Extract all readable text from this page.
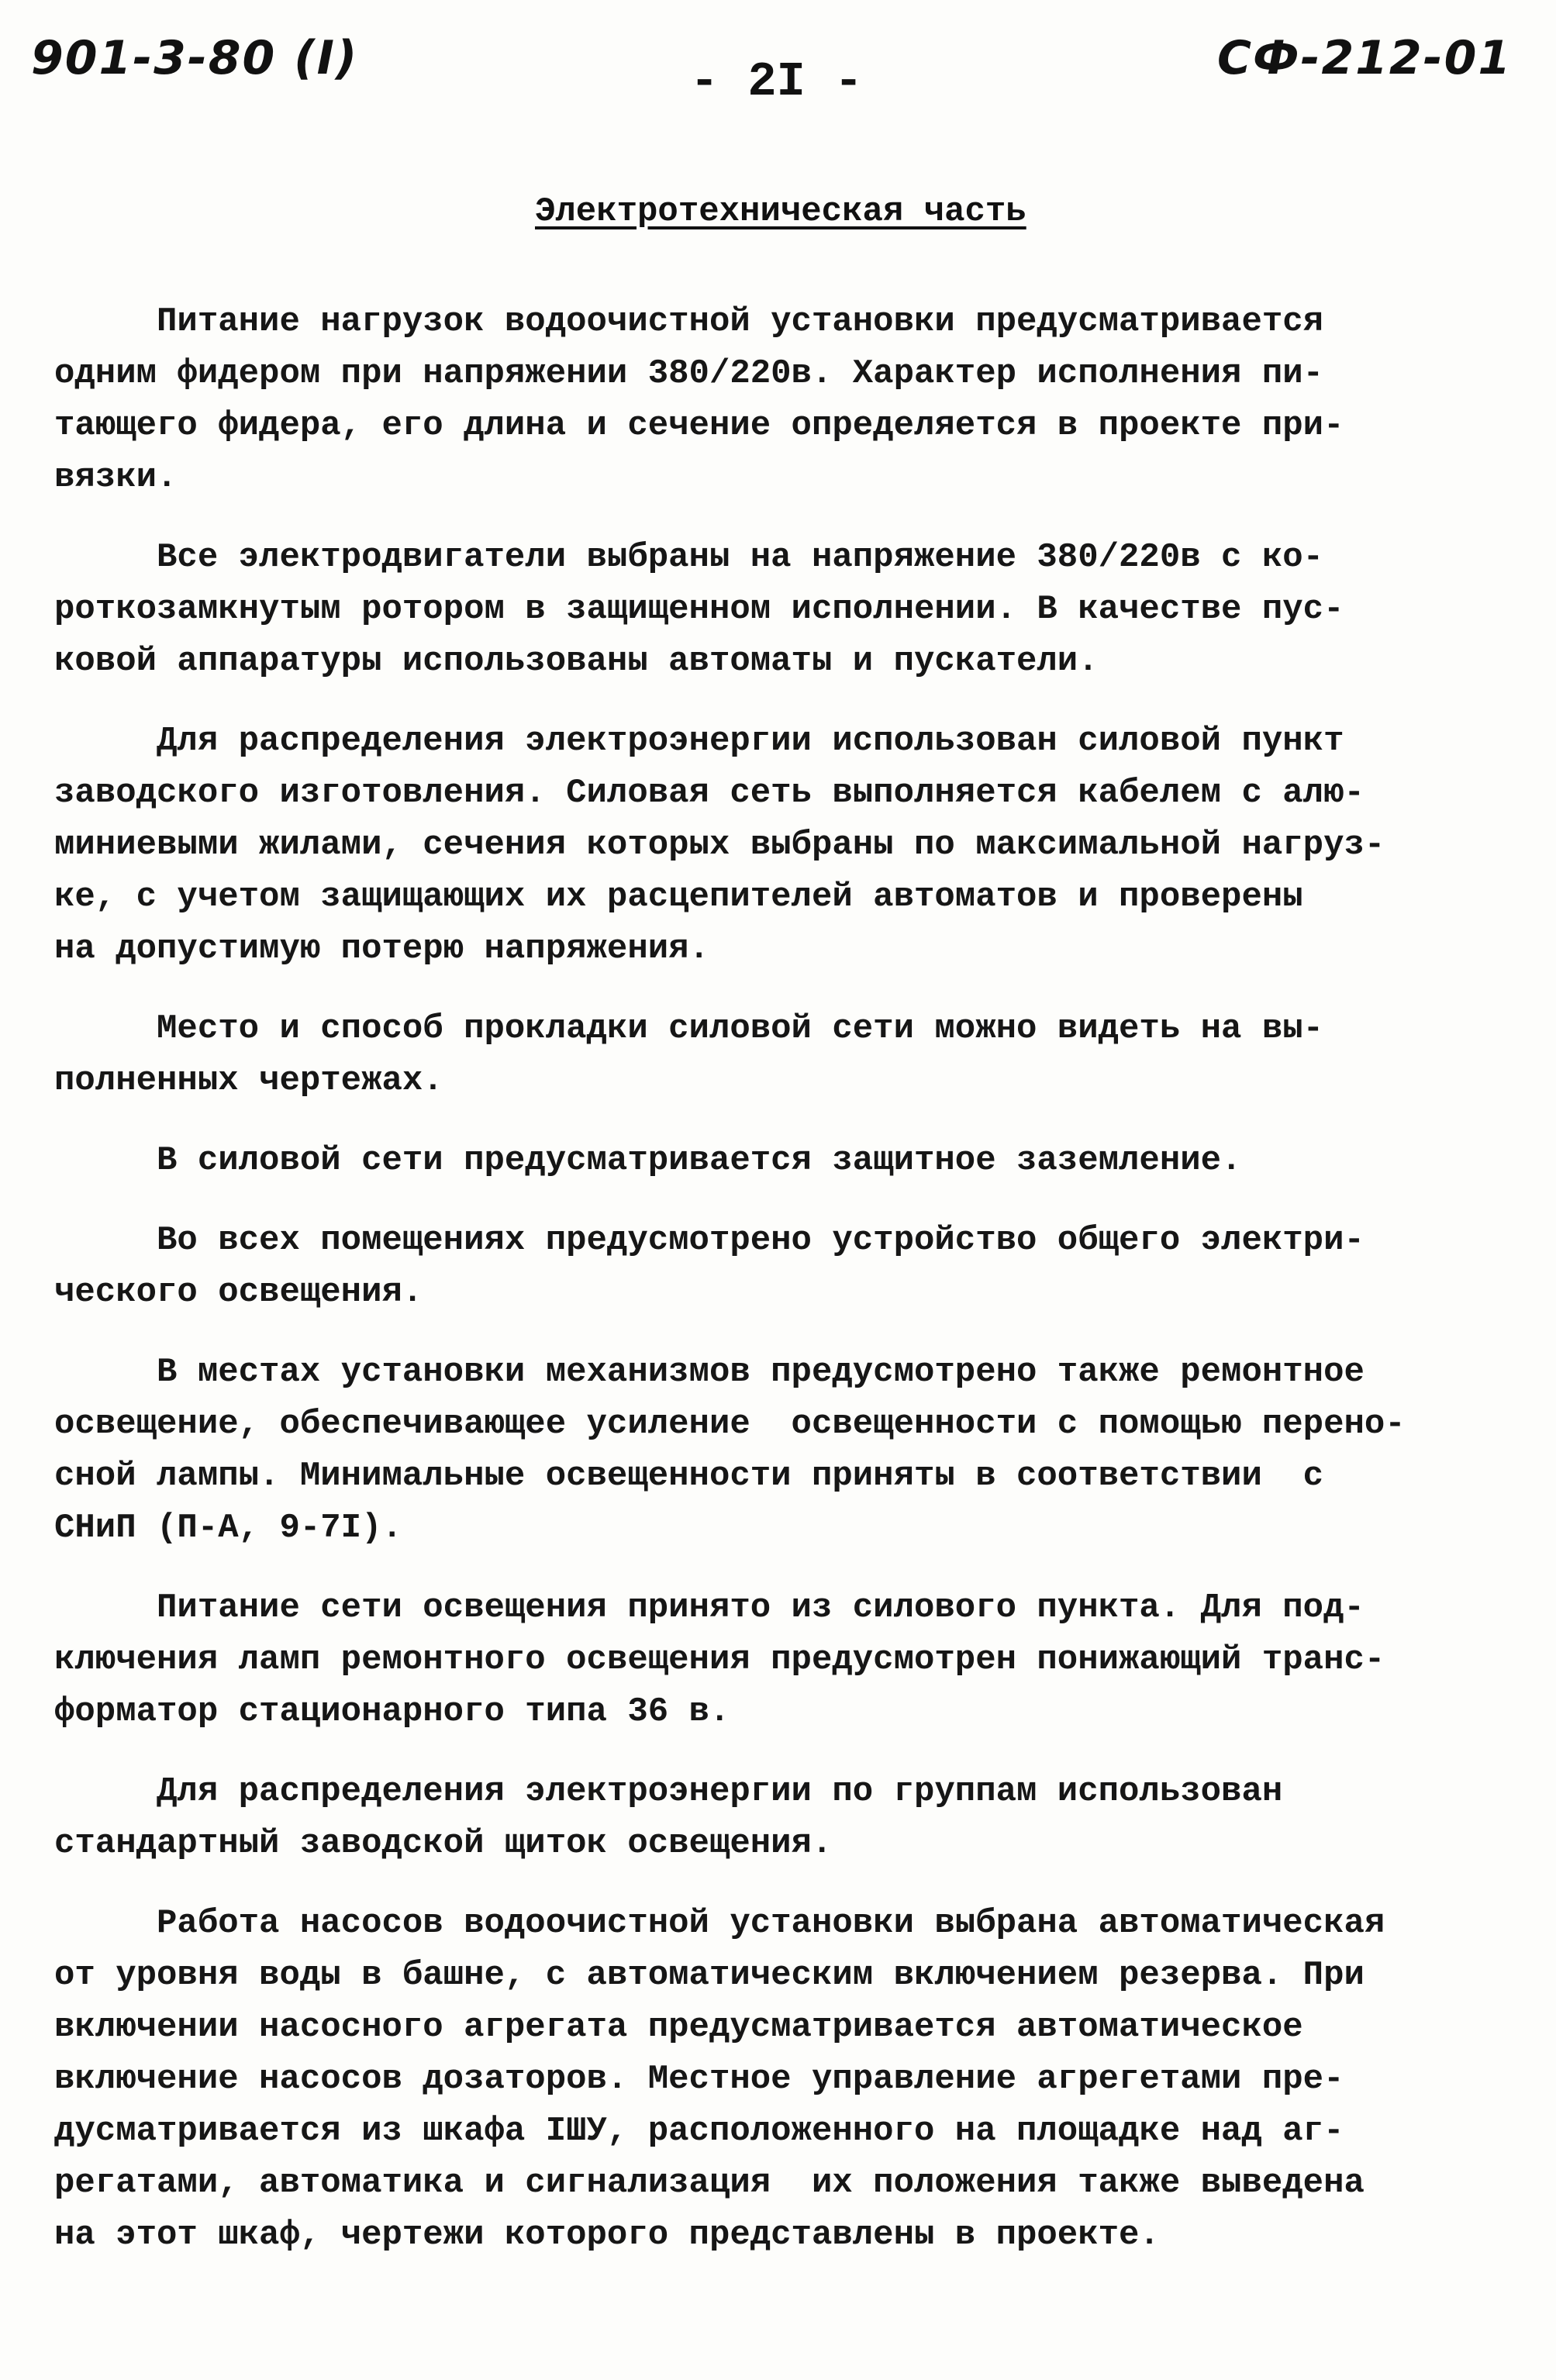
901-3-80 (I)	- 2I -	СФ-212-01
Электротехническая часть
Питание нагрузок водоочистной установки предусматривается
одним фидером при напряжении 380/220в. Характер исполнения пи-
тающего фидера, его длина и сечение определяется в проекте при-
вязки.
Все электродвигатели выбраны на напряжение 380/220в с ко-
роткозамкнутым ротором в защищенном исполнении. В качестве пус-
ковой аппаратуры использованы автоматы и пускатели.
Для распределения электроэнергии использован силовой пункт
заводского изготовления. Силовая сеть выполняется кабелем с алю-
миниевыми жилами, сечения которых выбраны по максимальной нагруз-
ке, с учетом защищающих их расцепителей автоматов и проверены
на допустимую потерю напряжения.
Место и способ прокладки силовой сети можно видеть на вы-
полненных чертежах.
В силовой сети предусматривается защитное заземление.
Во всех помещениях предусмотрено устройство общего электри-
ческого освещения.
В местах установки механизмов предусмотрено также ремонтное
освещение, обеспечивающее усиление  освещенности с помощью перено-
сной лампы. Минимальные освещенности приняты в соответствии  с
СНиП (П-А, 9-7I).
Питание сети освещения принято из силового пункта. Для под-
ключения ламп ремонтного освещения предусмотрен понижающий транс-
форматор стационарного типа 36 в.
Для распределения электроэнергии по группам использован
стандартный заводской щиток освещения.
Работа насосов водоочистной установки выбрана автоматическая
от уровня воды в башне, с автоматическим включением резерва. При
включении насосного агрегата предусматривается автоматическое
включение насосов дозаторов. Местное управление агрегетами пре-
дусматривается из шкафа IШУ, расположенного на площадке над аг-
регатами, автоматика и сигнализация  их положения также выведена
на этот шкаф, чертежи которого представлены в проекте.
